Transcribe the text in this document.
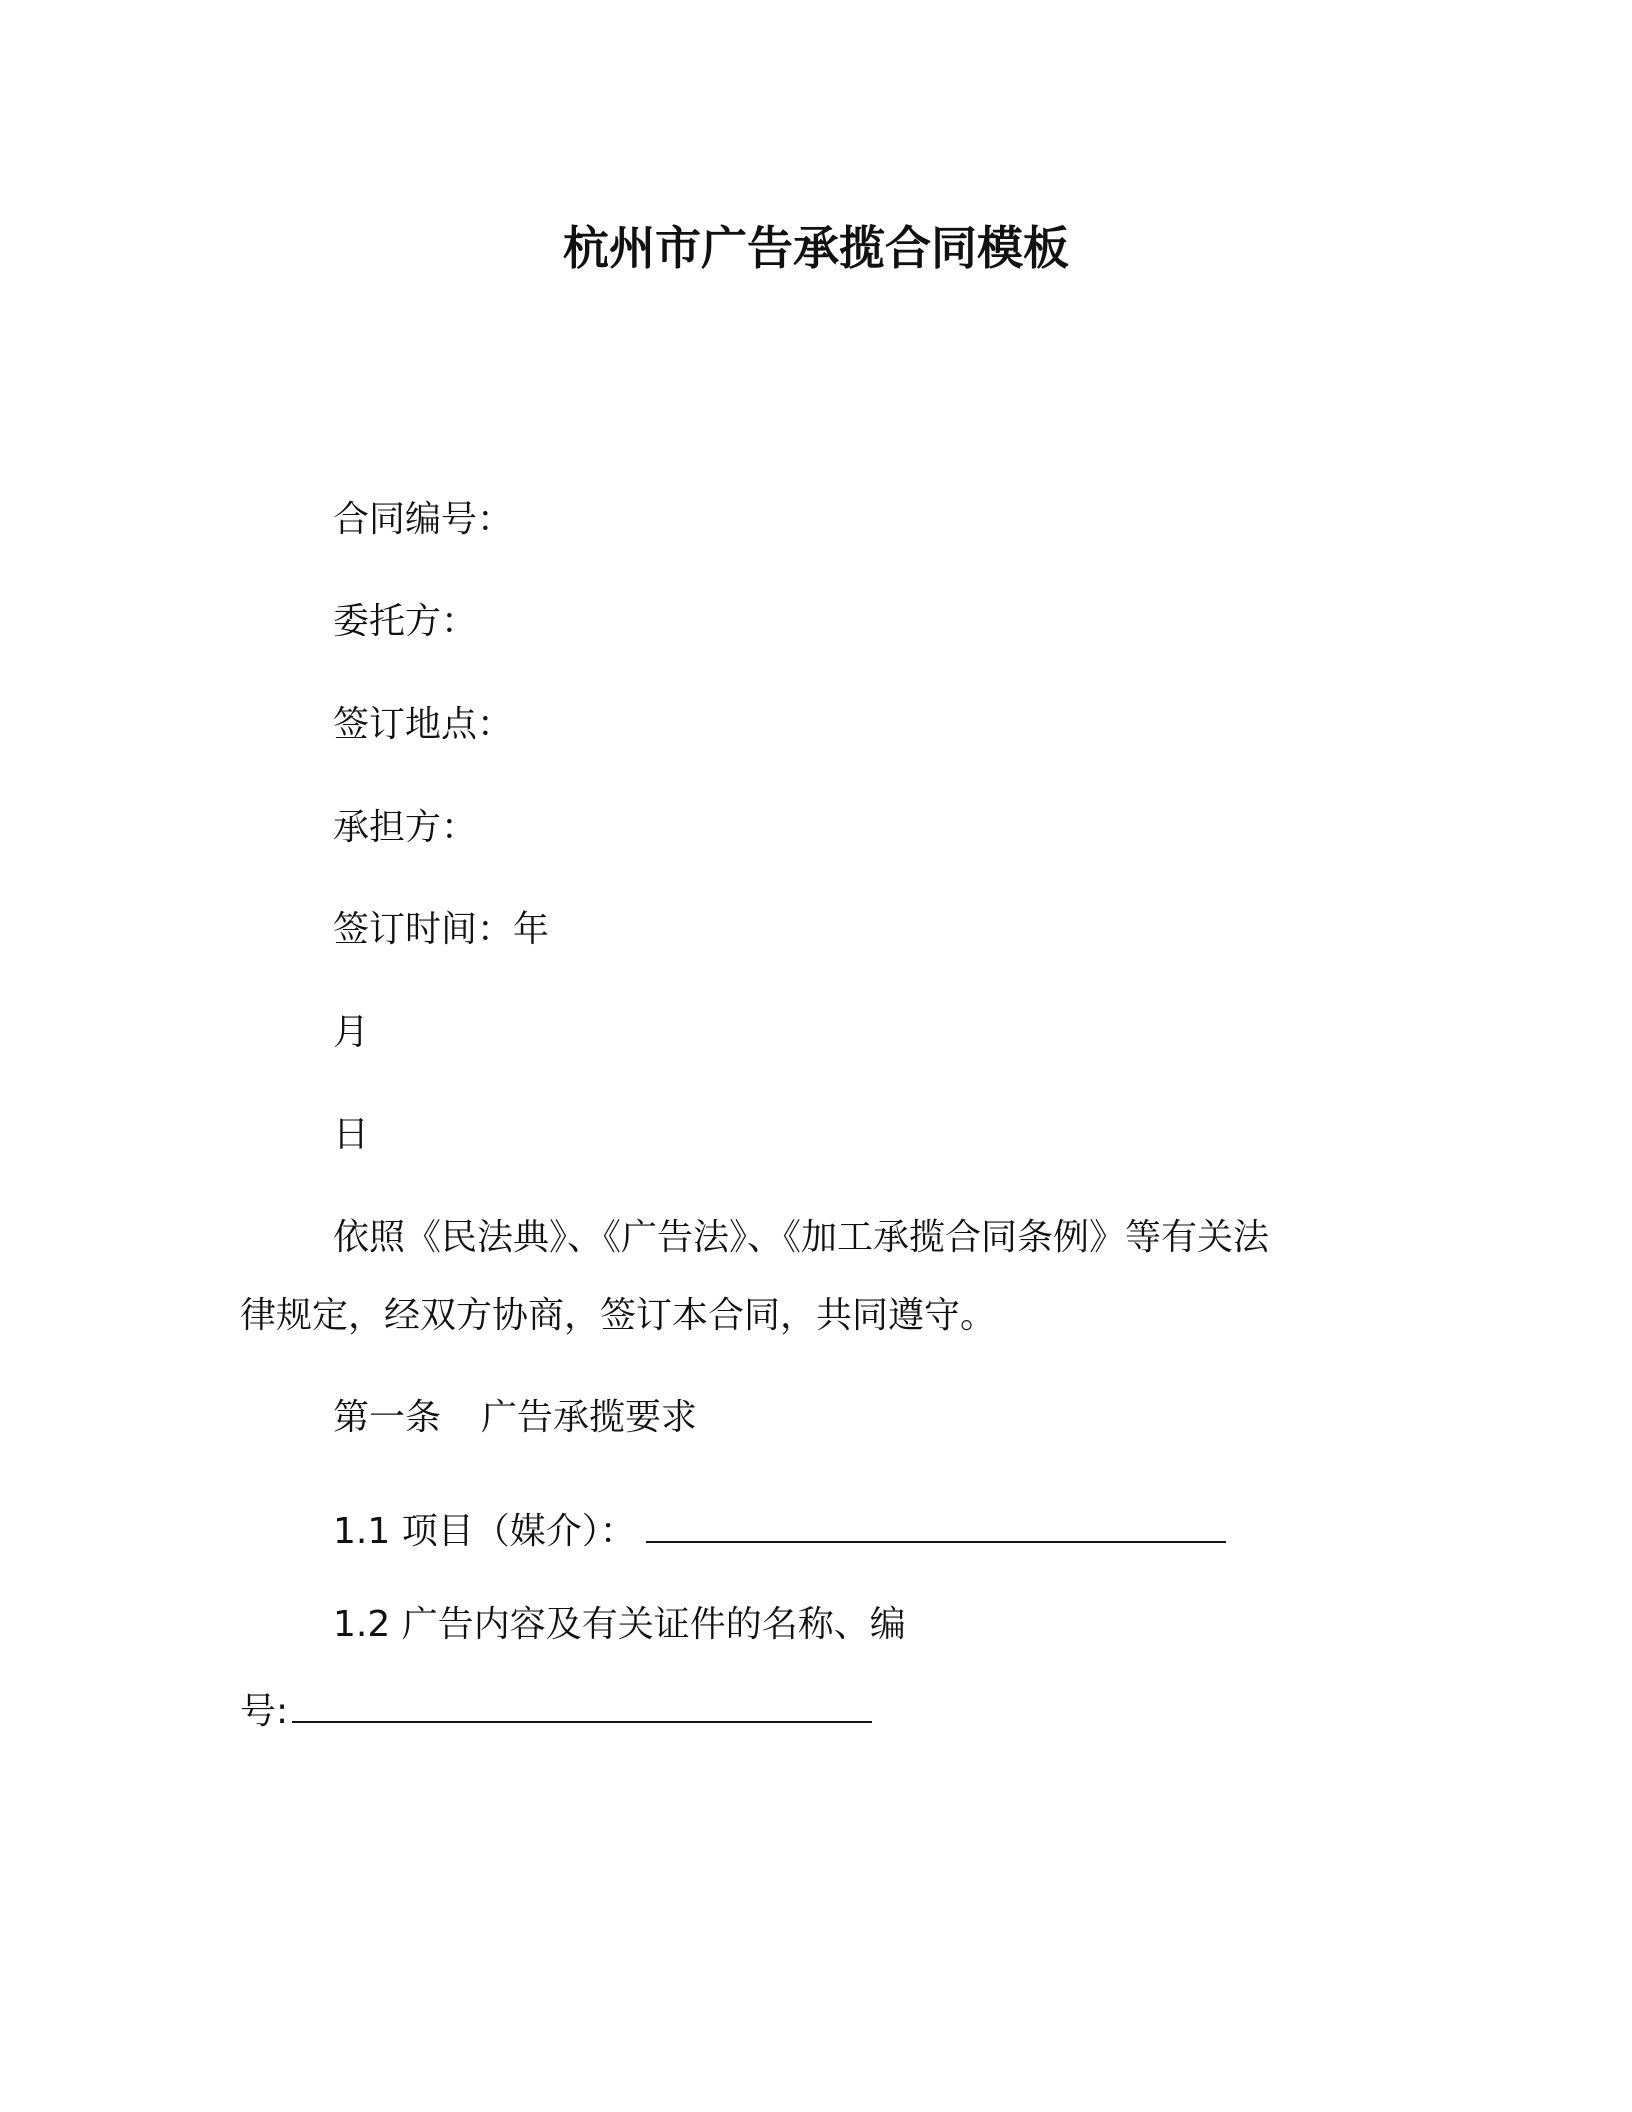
杭州市广告承揽合同模板
合同编号：
委托方：
签订地点：
承担方：
签订时间：年
月
日
依照《民法典》、《广告法》、《加工承揽合同条例》等有关法
律规定，经双方协商，签订本合同，共同遵守。
第一条 广告承揽要求
1.1 项目（媒介）：
1.2 广告内容及有关证件的名称、编
号:
